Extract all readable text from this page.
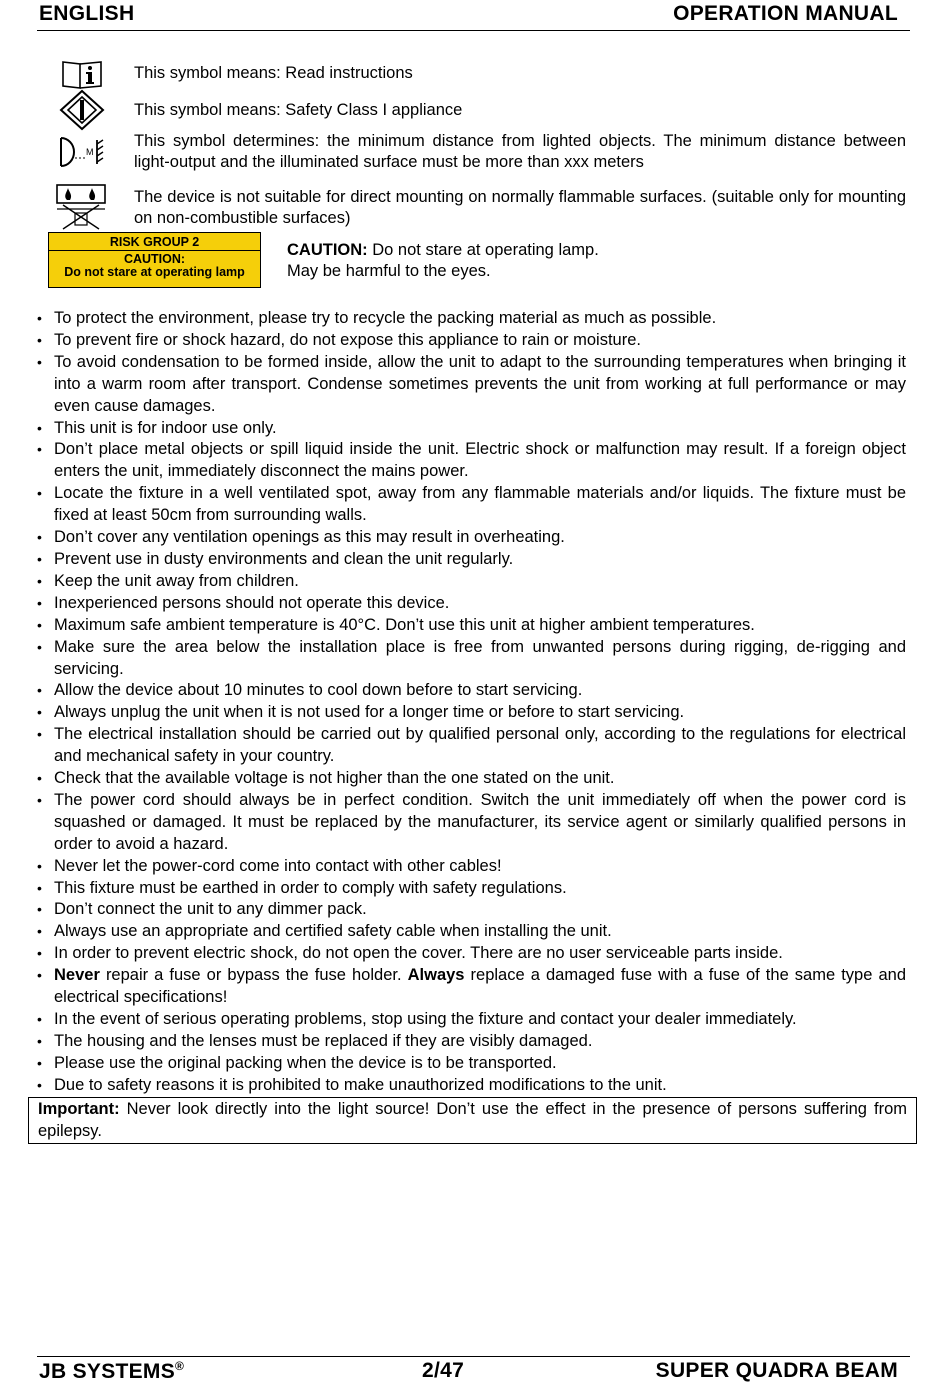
ENGLISH	OPERATION MANUAL
M
This symbol means: Read instructions
This symbol means: Safety Class I appliance
This symbol determines: the minimum distance from lighted objects. The minimum distance between light-output and the illuminated surface must be more than xxx meters
The device is not suitable for direct mounting on normally flammable surfaces. (suitable only for mounting on non-combustible surfaces)
RISK GROUP 2
CAUTION:
Do not stare at operating lamp
CAUTION: Do not stare at operating lamp.
May be harmful to the eyes.
• To protect the environment, please try to recycle the packing material as much as possible.
• To prevent fire or shock hazard, do not expose this appliance to rain or moisture.
• To avoid condensation to be formed inside, allow the unit to adapt to the surrounding temperatures when bringing it into a warm room after transport. Condense sometimes prevents the unit from working at full performance or may even cause damages.
• This unit is for indoor use only.
• Don’t place metal objects or spill liquid inside the unit. Electric shock or malfunction may result. If a foreign object enters the unit, immediately disconnect the mains power.
• Locate the fixture in a well ventilated spot, away from any flammable materials and/or liquids. The fixture must be fixed at least 50cm from surrounding walls.
• Don’t cover any ventilation openings as this may result in overheating.
• Prevent use in dusty environments and clean the unit regularly.
• Keep the unit away from children.
• Inexperienced persons should not operate this device.
• Maximum safe ambient temperature is 40°C. Don’t use this unit at higher ambient temperatures.
• Make sure the area below the installation place is free from unwanted persons during rigging, de-rigging and servicing.
• Allow the device about 10 minutes to cool down before to start servicing.
• Always unplug the unit when it is not used for a longer time or before to start servicing.
• The electrical installation should be carried out by qualified personal only, according to the regulations for electrical and mechanical safety in your country.
• Check that the available voltage is not higher than the one stated on the unit.
• The power cord should always be in perfect condition. Switch the unit immediately off when the power cord is squashed or damaged. It must be replaced by the manufacturer, its service agent or similarly qualified persons in order to avoid a hazard.
• Never let the power-cord come into contact with other cables!
• This fixture must be earthed in order to comply with safety regulations.
• Don’t connect the unit to any dimmer pack.
• Always use an appropriate and certified safety cable when installing the unit.
• In order to prevent electric shock, do not open the cover. There are no user serviceable parts inside.
• Never repair a fuse or bypass the fuse holder. Always replace a damaged fuse with a fuse of the same type and electrical specifications!
• In the event of serious operating problems, stop using the fixture and contact your dealer immediately.
• The housing and the lenses must be replaced if they are visibly damaged.
• Please use the original packing when the device is to be transported.
• Due to safety reasons it is prohibited to make unauthorized modifications to the unit.
Important: Never look directly into the light source! Don’t use the effect in the presence of persons suffering from epilepsy.
JB SYSTEMS®	2/47	SUPER QUADRA BEAM
